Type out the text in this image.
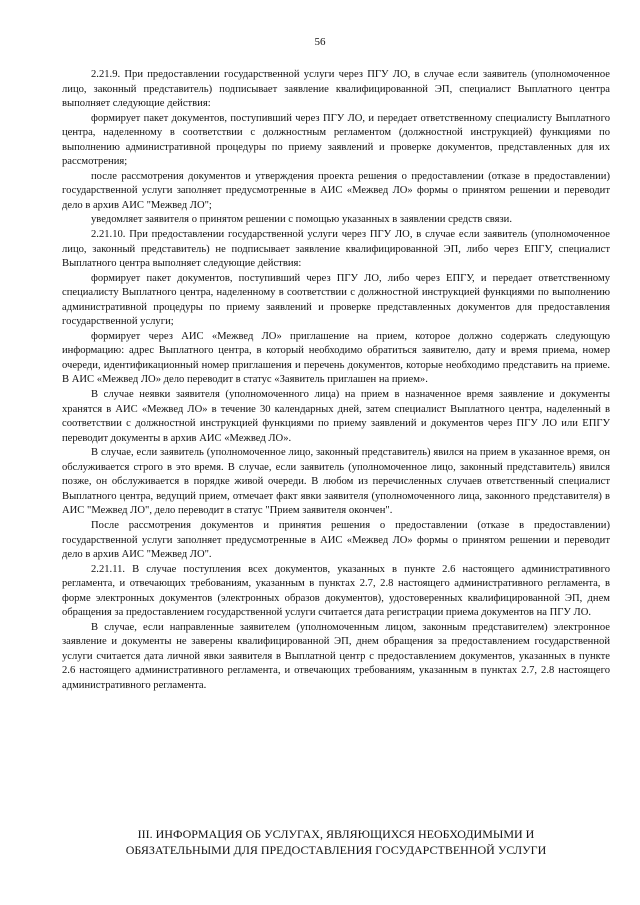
56

2.21.9. При предоставлении государственной услуги через ПГУ ЛО, в случае если заявитель (уполномоченное лицо, законный представитель) подписывает заявление квалифицированной ЭП, специалист Выплатного центра выполняет следующие действия:

формирует пакет документов, поступивший через ПГУ ЛО, и передает ответственному специалисту Выплатного центра, наделенному в соответствии с должностным регламентом (должностной инструкцией) функциями по выполнению административной процедуры по приему заявлений и проверке документов, представленных для их рассмотрения;

после рассмотрения документов и утверждения проекта решения о предоставлении (отказе в предоставлении) государственной услуги заполняет предусмотренные в АИС «Межвед ЛО» формы о принятом решении и переводит дело в архив АИС "Межвед ЛО";

уведомляет заявителя о принятом решении с помощью указанных в заявлении средств связи.

2.21.10. При предоставлении государственной услуги через ПГУ ЛО, в случае если заявитель (уполномоченное лицо, законный представитель) не подписывает заявление квалифицированной ЭП, либо через ЕПГУ, специалист Выплатного центра выполняет следующие действия:

формирует пакет документов, поступивший через ПГУ ЛО, либо через ЕПГУ, и передает ответственному специалисту Выплатного центра, наделенному в соответствии с должностной инструкцией функциями по выполнению административной процедуры по приему заявлений и проверке представленных документов для предоставления государственной услуги;

формирует через АИС «Межвед ЛО» приглашение на прием, которое должно содержать следующую информацию: адрес Выплатного центра, в который необходимо обратиться заявителю, дату и время приема, номер очереди, идентификационный номер приглашения и перечень документов, которые необходимо представить на приеме. В АИС «Межвед ЛО» дело переводит в статус «Заявитель приглашен на прием».

В случае неявки заявителя (уполномоченного лица) на прием в назначенное время заявление и документы хранятся в АИС «Межвед ЛО» в течение 30 календарных дней, затем специалист Выплатного центра, наделенный в соответствии с должностной инструкцией функциями по приему заявлений и документов через ПГУ ЛО или ЕПГУ переводит документы в архив АИС «Межвед ЛО».

В случае, если заявитель (уполномоченное лицо, законный представитель) явился на прием в указанное время, он обслуживается строго в это время. В случае, если заявитель (уполномоченное лицо, законный представитель) явился позже, он обслуживается в порядке живой очереди. В любом из перечисленных случаев ответственный специалист Выплатного центра, ведущий прием, отмечает факт явки заявителя (уполномоченного лица, законного представителя) в АИС "Межвед ЛО", дело переводит в статус "Прием заявителя окончен".

После рассмотрения документов и принятия решения о предоставлении (отказе в предоставлении) государственной услуги заполняет предусмотренные в АИС «Межвед ЛО» формы о принятом решении и переводит дело в архив АИС "Межвед ЛО".

2.21.11. В случае поступления всех документов, указанных в пункте 2.6 настоящего административного регламента, и отвечающих требованиям, указанным в пунктах 2.7, 2.8 настоящего административного регламента, в форме электронных документов (электронных образов документов), удостоверенных квалифицированной ЭП, днем обращения за предоставлением государственной услуги считается дата регистрации приема документов на ПГУ ЛО.

В случае, если направленные заявителем (уполномоченным лицом, законным представителем) электронное заявление и документы не заверены квалифицированной ЭП, днем обращения за предоставлением государственной услуги считается дата личной явки заявителя в Выплатной центр с предоставлением документов, указанных в пункте 2.6 настоящего административного регламента, и отвечающих требованиям, указанным в пунктах 2.7, 2.8 настоящего административного регламента.

III. ИНФОРМАЦИЯ ОБ УСЛУГАХ, ЯВЛЯЮЩИХСЯ НЕОБХОДИМЫМИ И
ОБЯЗАТЕЛЬНЫМИ ДЛЯ ПРЕДОСТАВЛЕНИЯ ГОСУДАРСТВЕННОЙ УСЛУГИ
